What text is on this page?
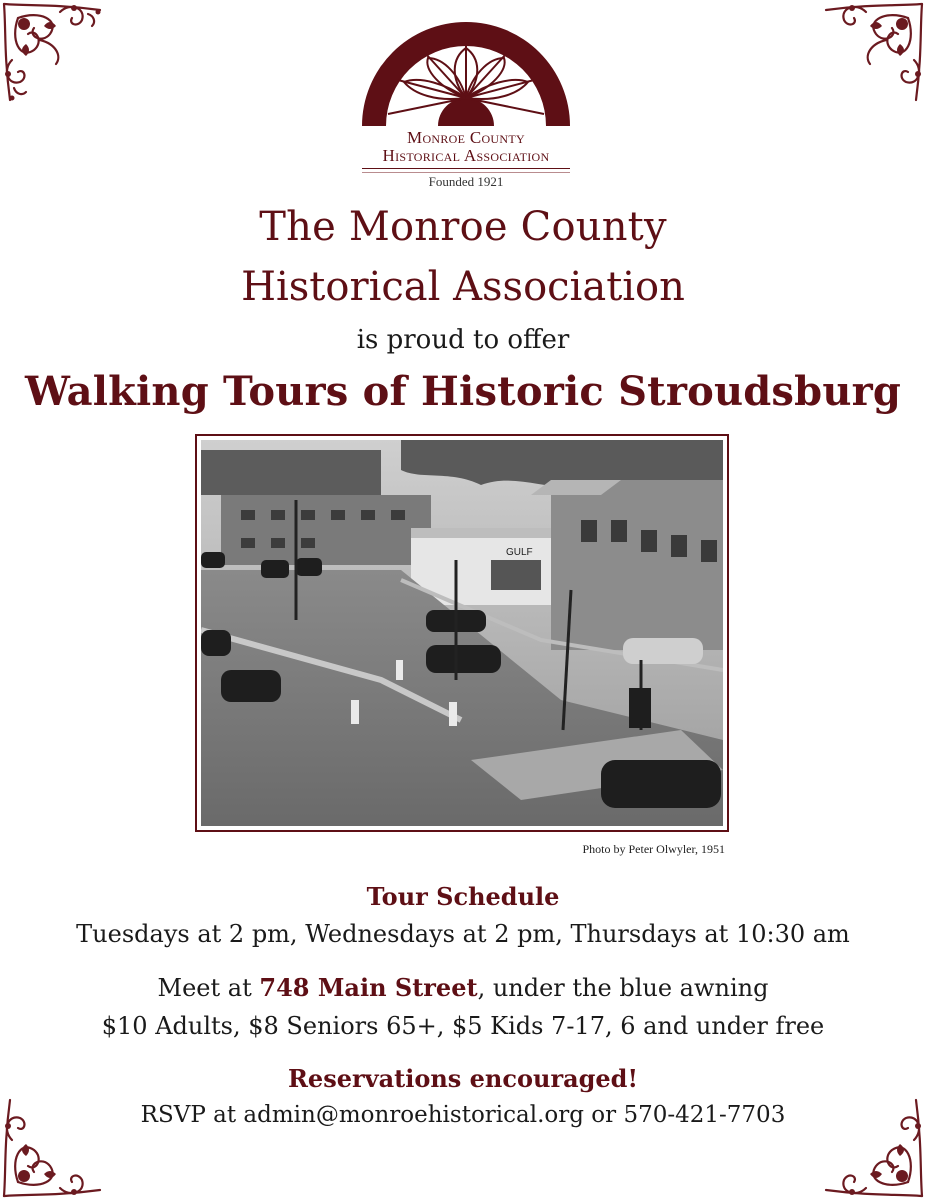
Monroe County
Historical Association
Founded 1921
The Monroe County
Historical Association
is proud to offer
Walking Tours of Historic Stroudsburg
GULF
Photo by Peter Olwyler, 1951
Tour Schedule
Tuesdays at 2 pm, Wednesdays at 2 pm, Thursdays at 10:30 am
Meet at 748 Main Street, under the blue awning
$10 Adults, $8 Seniors 65+, $5 Kids 7-17, 6 and under free
Reservations encouraged!
RSVP at admin@monroehistorical.org or 570-421-7703
